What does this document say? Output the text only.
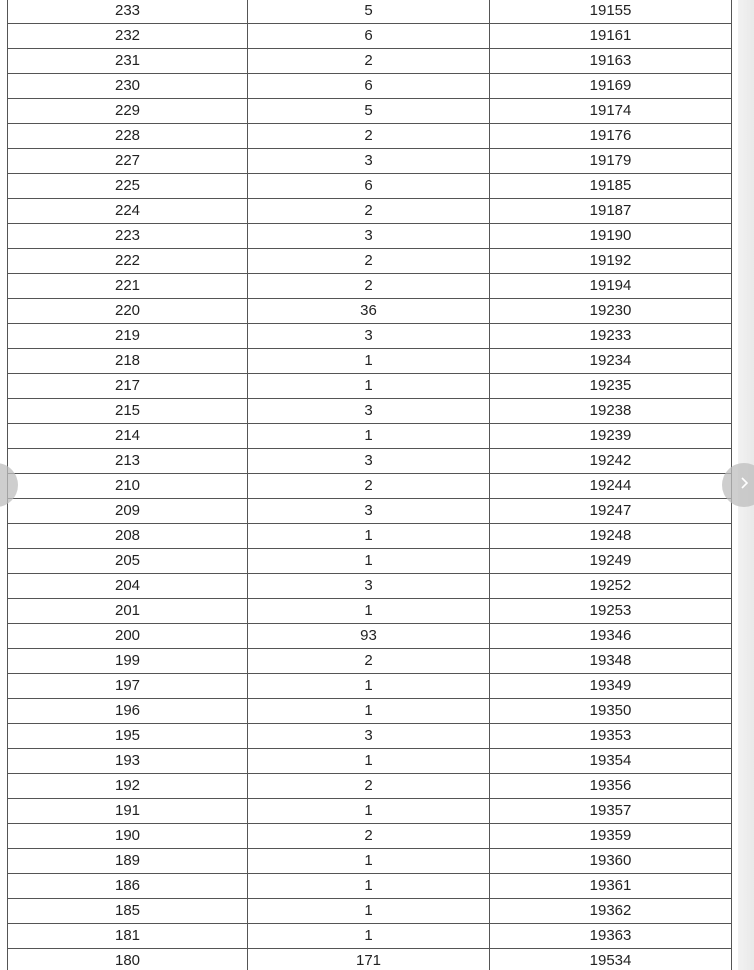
233	5	19155
232	6	19161
231	2	19163
230	6	19169
229	5	19174
228	2	19176
227	3	19179
225	6	19185
224	2	19187
223	3	19190
222	2	19192
221	2	19194
220	36	19230
219	3	19233
218	1	19234
217	1	19235
215	3	19238
214	1	19239
213	3	19242
210	2	19244
209	3	19247
208	1	19248
205	1	19249
204	3	19252
201	1	19253
200	93	19346
199	2	19348
197	1	19349
196	1	19350
195	3	19353
193	1	19354
192	2	19356
191	1	19357
190	2	19359
189	1	19360
186	1	19361
185	1	19362
181	1	19363
180	171	19534
